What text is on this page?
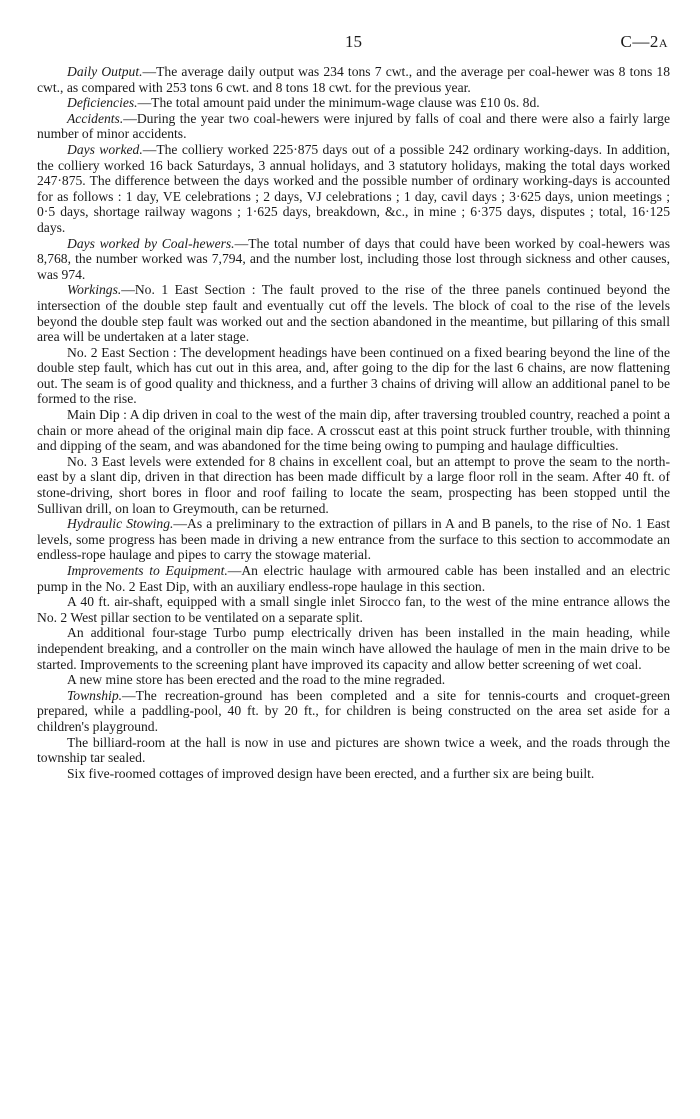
15	C—2A

Daily Output.—The average daily output was 234 tons 7 cwt., and the average per coal-hewer was 8 tons 18 cwt., as compared with 253 tons 6 cwt. and 8 tons 18 cwt. for the previous year.

Deficiencies.—The total amount paid under the minimum-wage clause was £10 0s. 8d.

Accidents.—During the year two coal-hewers were injured by falls of coal and there were also a fairly large number of minor accidents.

Days worked.—The colliery worked 225·875 days out of a possible 242 ordinary working-days. In addition, the colliery worked 16 back Saturdays, 3 annual holidays, and 3 statutory holidays, making the total days worked 247·875. The difference between the days worked and the possible number of ordinary working-days is accounted for as follows : 1 day, VE celebrations ; 2 days, VJ celebrations ; 1 day, cavil days ; 3·625 days, union meetings ; 0·5 days, shortage railway wagons ; 1·625 days, breakdown, &c., in mine ; 6·375 days, disputes ; total, 16·125 days.

Days worked by Coal-hewers.—The total number of days that could have been worked by coal-hewers was 8,768, the number worked was 7,794, and the number lost, including those lost through sickness and other causes, was 974.

Workings.—No. 1 East Section : The fault proved to the rise of the three panels continued beyond the intersection of the double step fault and eventually cut off the levels. The block of coal to the rise of the levels beyond the double step fault was worked out and the section abandoned in the meantime, but pillaring of this small area will be undertaken at a later stage.

No. 2 East Section : The development headings have been continued on a fixed bearing beyond the line of the double step fault, which has cut out in this area, and, after going to the dip for the last 6 chains, are now flattening out. The seam is of good quality and thickness, and a further 3 chains of driving will allow an additional panel to be formed to the rise.

Main Dip : A dip driven in coal to the west of the main dip, after traversing troubled country, reached a point a chain or more ahead of the original main dip face. A crosscut east at this point struck further trouble, with thinning and dipping of the seam, and was abandoned for the time being owing to pumping and haulage difficulties.

No. 3 East levels were extended for 8 chains in excellent coal, but an attempt to prove the seam to the north-east by a slant dip, driven in that direction has been made difficult by a large floor roll in the seam. After 40 ft. of stone-driving, short bores in floor and roof failing to locate the seam, prospecting has been stopped until the Sullivan drill, on loan to Greymouth, can be returned.

Hydraulic Stowing.—As a preliminary to the extraction of pillars in A and B panels, to the rise of No. 1 East levels, some progress has been made in driving a new entrance from the surface to this section to accommodate an endless-rope haulage and pipes to carry the stowage material.

Improvements to Equipment.—An electric haulage with armoured cable has been installed and an electric pump in the No. 2 East Dip, with an auxiliary endless-rope haulage in this section.

A 40 ft. air-shaft, equipped with a small single inlet Sirocco fan, to the west of the mine entrance allows the No. 2 West pillar section to be ventilated on a separate split.

An additional four-stage Turbo pump electrically driven has been installed in the main heading, while independent breaking, and a controller on the main winch have allowed the haulage of men in the main drive to be started. Improvements to the screening plant have improved its capacity and allow better screening of wet coal.

A new mine store has been erected and the road to the mine regraded.

Township.—The recreation-ground has been completed and a site for tennis-courts and croquet-green prepared, while a paddling-pool, 40 ft. by 20 ft., for children is being constructed on the area set aside for a children's playground.

The billiard-room at the hall is now in use and pictures are shown twice a week, and the roads through the township tar sealed.

Six five-roomed cottages of improved design have been erected, and a further six are being built.
